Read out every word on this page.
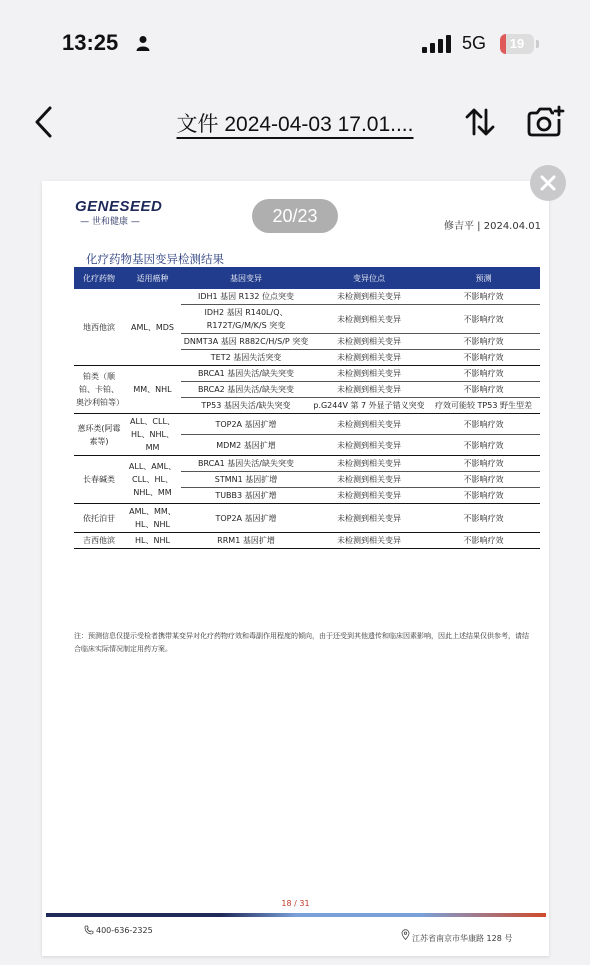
13:25	5G	19
文件 2024-04-03 17.01....
GENESEED
— 世和健康 —	20/23
修吉平 | 2024.04.01
化疗药物基因变异检测结果
化疗药物	适用癌种	基因变异	变异位点	预测
地西他滨	AML、MDS	IDH1 基因 R132 位点突变	未检测到相关变异	不影响疗效
		IDH2 基因 R140L/Q、R172T/G/M/K/S 突变	未检测到相关变异	不影响疗效
		DNMT3A 基因 R882C/H/S/P 突变	未检测到相关变异	不影响疗效
		TET2 基因失活突变	未检测到相关变异	不影响疗效
铂类（顺铂、卡铂、奥沙利铂等）	MM、NHL	BRCA1 基因失活/缺失突变	未检测到相关变异	不影响疗效
		BRCA2 基因失活/缺失突变	未检测到相关变异	不影响疗效
		TP53 基因失活/缺失突变	p.G244V 第 7 外显子错义突变	疗效可能较 TP53 野生型差
蒽环类(阿霉素等)	ALL、CLL、HL、NHL、MM	TOP2A 基因扩增	未检测到相关变异	不影响疗效
		MDM2 基因扩增	未检测到相关变异	不影响疗效
长春碱类	ALL、AML、CLL、HL、NHL、MM	BRCA1 基因失活/缺失突变	未检测到相关变异	不影响疗效
		STMN1 基因扩增	未检测到相关变异	不影响疗效
		TUBB3 基因扩增	未检测到相关变异	不影响疗效
依托泊苷	AML、MM、HL、NHL	TOP2A 基因扩增	未检测到相关变异	不影响疗效
吉西他滨	HL、NHL	RRM1 基因扩增	未检测到相关变异	不影响疗效
注：预测信息仅提示受检者携带某变异对化疗药物疗效和毒副作用程度的倾向，由于还受到其他遗传和临床因素影响，因此上述结果仅供参考，请结合临床实际情况制定用药方案。
18 / 31
400-636-2325
江苏省南京市华康路 128 号
